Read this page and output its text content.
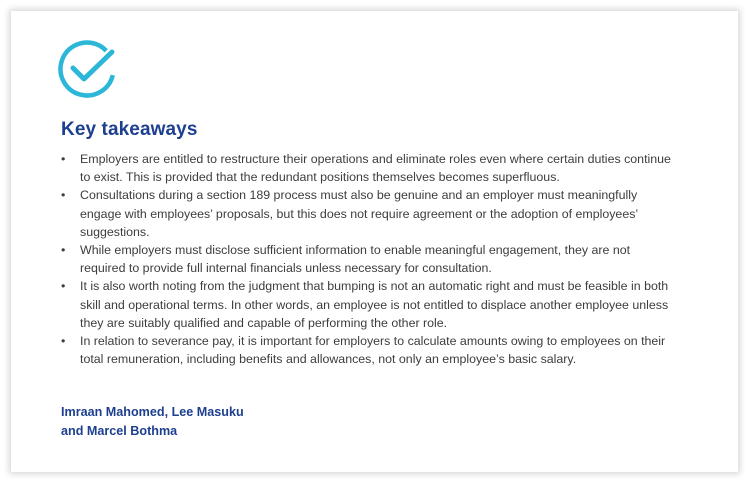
Key takeaways
• Employers are entitled to restructure their operations and eliminate roles even where certain duties continue to exist. This is provided that the redundant positions themselves becomes superfluous.
• Consultations during a section 189 process must also be genuine and an employer must meaningfully engage with employees’ proposals, but this does not require agreement or the adoption of employees’ suggestions.
• While employers must disclose sufficient information to enable meaningful engagement, they are not required to provide full internal financials unless necessary for consultation.
• It is also worth noting from the judgment that bumping is not an automatic right and must be feasible in both skill and operational terms. In other words, an employee is not entitled to displace another employee unless they are suitably qualified and capable of performing the other role.
• In relation to severance pay, it is important for employers to calculate amounts owing to employees on their total remuneration, including benefits and allowances, not only an employee’s basic salary.

Imraan Mahomed, Lee Masuku
and Marcel Bothma
